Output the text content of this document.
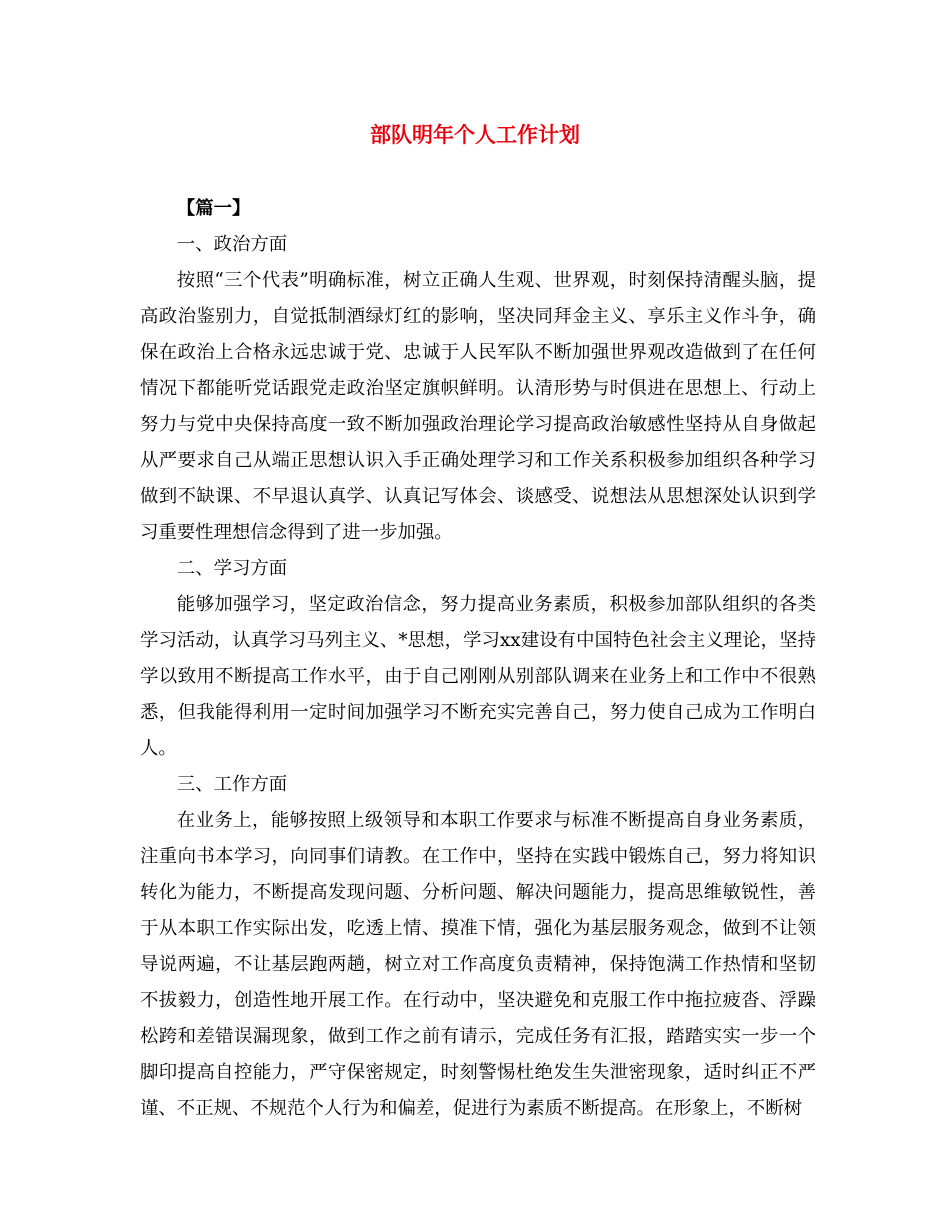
部队明年个人工作计划

【篇一】

一、政治方面

按照“三个代表”明确标准，树立正确人生观、世界观，时刻保持清醒头脑，提高政治鉴别力，自觉抵制酒绿灯红的影响，坚决同拜金主义、享乐主义作斗争，确保在政治上合格永远忠诚于党、忠诚于人民军队不断加强世界观改造做到了在任何情况下都能听党话跟党走政治坚定旗帜鲜明。认清形势与时俱进在思想上、行动上努力与党中央保持高度一致不断加强政治理论学习提高政治敏感性坚持从自身做起从严要求自己从端正思想认识入手正确处理学习和工作关系积极参加组织各种学习做到不缺课、不早退认真学、认真记写体会、谈感受、说想法从思想深处认识到学习重要性理想信念得到了进一步加强。

二、学习方面

能够加强学习，坚定政治信念，努力提高业务素质，积极参加部队组织的各类学习活动，认真学习马列主义、*思想，学习xx建设有中国特色社会主义理论，坚持学以致用不断提高工作水平，由于自己刚刚从别部队调来在业务上和工作中不很熟悉，但我能得利用一定时间加强学习不断充实完善自己，努力使自己成为工作明白人。

三、工作方面

在业务上，能够按照上级领导和本职工作要求与标准不断提高自身业务素质，注重向书本学习，向同事们请教。在工作中，坚持在实践中锻炼自己，努力将知识转化为能力，不断提高发现问题、分析问题、解决问题能力，提高思维敏锐性，善于从本职工作实际出发，吃透上情、摸准下情，强化为基层服务观念，做到不让领导说两遍，不让基层跑两趟，树立对工作高度负责精神，保持饱满工作热情和坚韧不拔毅力，创造性地开展工作。在行动中，坚决避免和克服工作中拖拉疲沓、浮躁松跨和差错误漏现象，做到工作之前有请示，完成任务有汇报，踏踏实实一步一个脚印提高自控能力，严守保密规定，时刻警惕杜绝发生失泄密现象，适时纠正不严谨、不正规、不规范个人行为和偏差，促进行为素质不断提高。在形象上，不断树
